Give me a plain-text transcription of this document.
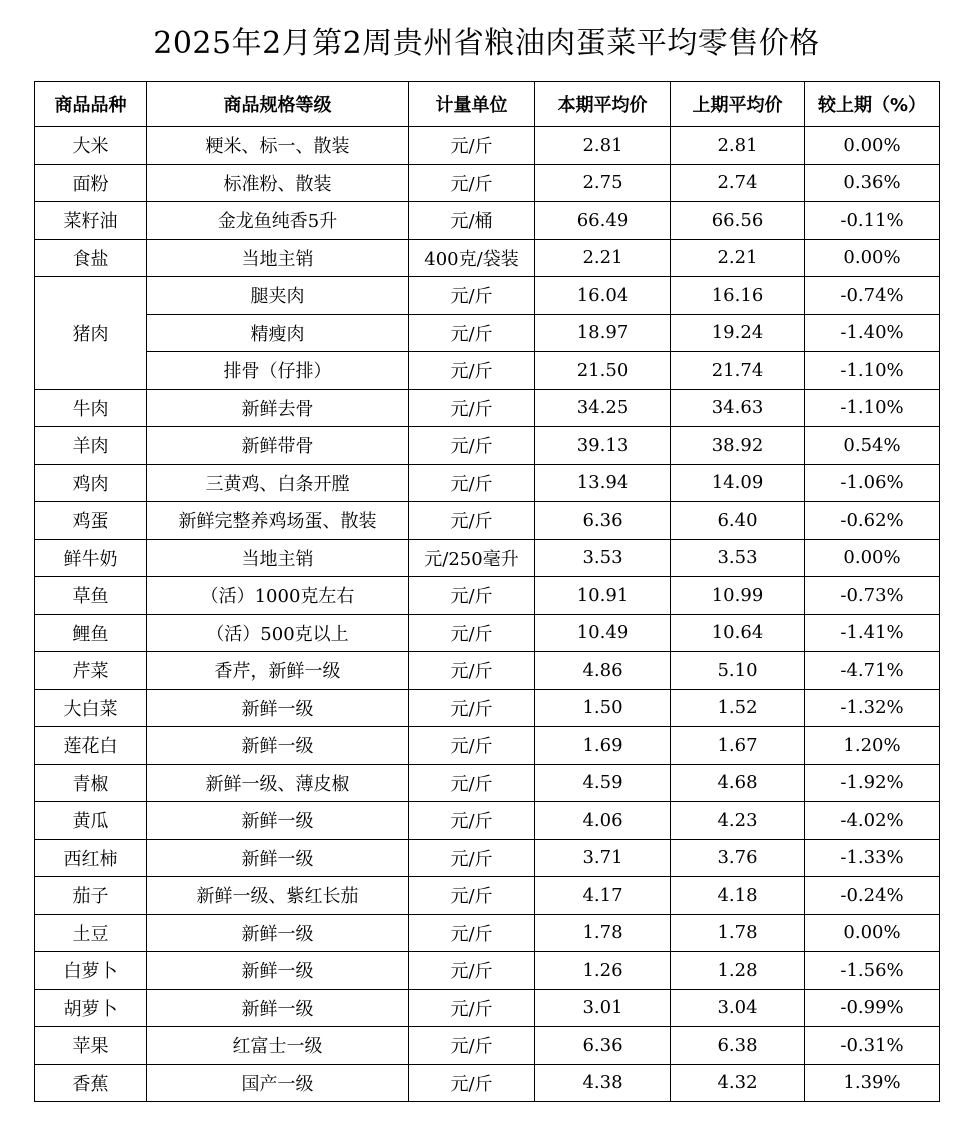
2025年2月第2周贵州省粮油肉蛋菜平均零售价格
商品品种	商品规格等级	计量单位	本期平均价	上期平均价	较上期（%）
大米	粳米、标一、散装	元/斤	2.81	2.81	0.00%
面粉	标准粉、散装	元/斤	2.75	2.74	0.36%
菜籽油	金龙鱼纯香5升	元/桶	66.49	66.56	-0.11%
食盐	当地主销	400克/袋装	2.21	2.21	0.00%
猪肉	腿夹肉	元/斤	16.04	16.16	-0.74%
	精瘦肉	元/斤	18.97	19.24	-1.40%
	排骨（仔排）	元/斤	21.50	21.74	-1.10%
牛肉	新鲜去骨	元/斤	34.25	34.63	-1.10%
羊肉	新鲜带骨	元/斤	39.13	38.92	0.54%
鸡肉	三黄鸡、白条开膛	元/斤	13.94	14.09	-1.06%
鸡蛋	新鲜完整养鸡场蛋、散装	元/斤	6.36	6.40	-0.62%
鲜牛奶	当地主销	元/250毫升	3.53	3.53	0.00%
草鱼	（活）1000克左右	元/斤	10.91	10.99	-0.73%
鲤鱼	（活）500克以上	元/斤	10.49	10.64	-1.41%
芹菜	香芹，新鲜一级	元/斤	4.86	5.10	-4.71%
大白菜	新鲜一级	元/斤	1.50	1.52	-1.32%
莲花白	新鲜一级	元/斤	1.69	1.67	1.20%
青椒	新鲜一级、薄皮椒	元/斤	4.59	4.68	-1.92%
黄瓜	新鲜一级	元/斤	4.06	4.23	-4.02%
西红柿	新鲜一级	元/斤	3.71	3.76	-1.33%
茄子	新鲜一级、紫红长茄	元/斤	4.17	4.18	-0.24%
土豆	新鲜一级	元/斤	1.78	1.78	0.00%
白萝卜	新鲜一级	元/斤	1.26	1.28	-1.56%
胡萝卜	新鲜一级	元/斤	3.01	3.04	-0.99%
苹果	红富士一级	元/斤	6.36	6.38	-0.31%
香蕉	国产一级	元/斤	4.38	4.32	1.39%
